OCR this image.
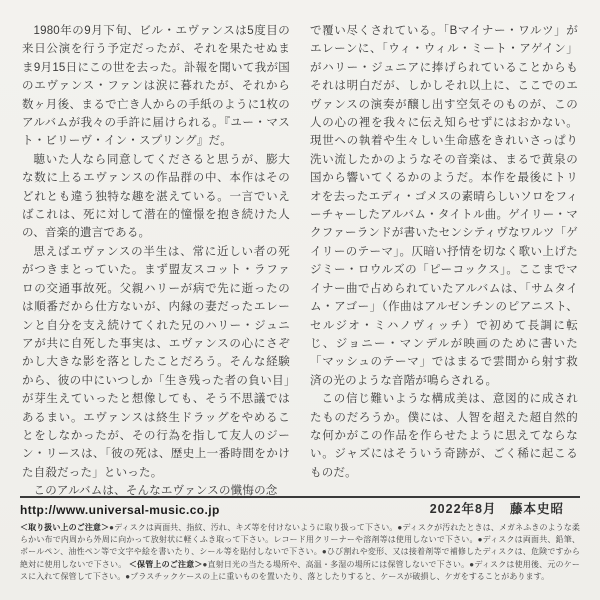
1980年の9月下旬、ビル・エヴァンスは5度目の来日公演を行う予定だったが、それを果たせぬまま9月15日にこの世を去った。訃報を聞いて我が国のエヴァンス・ファンは涙に暮れたが、それから数ヶ月後、まるで亡き人からの手紙のように1枚のアルバムが我々の手許に届けられる。『ユー・マスト・ビリーヴ・イン・スプリング』だ。

聴いた人なら同意してくださると思うが、膨大な数に上るエヴァンスの作品群の中、本作はそのどれとも違う独特な趣を湛えている。一言でいえばこれは、死に対して潜在的憧憬を抱き続けた人の、音楽的遺言である。

思えばエヴァンスの半生は、常に近しい者の死がつきまとっていた。まず盟友スコット・ラファロの交通事故死。父親ハリーが病で先に逝ったのは順番だから仕方ないが、内縁の妻だったエレーンと自分を支え続けてくれた兄のハリー・ジュニアが共に自死した事実は、エヴァンスの心にさぞかし大きな影を落としたことだろう。そんな経験から、彼の中にいつしか「生き残った者の負い目」が芽生えていったと想像しても、そう不思議ではあるまい。エヴァンスは終生ドラッグをやめることをしなかったが、その行為を指して友人のジーン・リースは、「彼の死は、歴史上一番時間をかけた自殺だった」といった。

このアルバムは、そんなエヴァンスの懺悔の念

で覆い尽くされている。「Bマイナー・ワルツ」がエレーンに、「ウィ・ウィル・ミート・アゲイン」がハリー・ジュニアに捧げられていることからもそれは明白だが、しかしそれ以上に、ここでのエヴァンスの演奏が醸し出す空気そのものが、この人の心の裡を我々に伝え知らせずにはおかない。現世への執着や生々しい生命感をきれいさっぱり洗い流したかのようなその音楽は、まるで黄泉の国から響いてくるかのようだ。本作を最後にトリオを去ったエディ・ゴメスの素晴らしいソロをフィーチャーしたアルバム・タイトル曲。ゲイリー・マクファーランドが書いたセンシティヴなワルツ「ゲイリーのテーマ」。仄暗い抒情を切なく歌い上げたジミー・ロウルズの「ピーコックス」。ここまでマイナー曲で占められていたアルバムは、「サムタイム・アゴー」（作曲はアルゼンチンのピアニスト、セルジオ・ミハノヴィッチ）で初めて長調に転じ、ジョニー・マンデルが映画のために書いた「マッシュのテーマ」ではまるで雲間から射す救済の光のような音階が鳴らされる。

この信じ難いような構成美は、意図的に成されたものだろうか。僕には、人智を超えた超自然的な何かがこの作品を作らせたように思えてならない。ジャズにはそういう奇跡が、ごく稀に起こるものだ。

2022年8月　藤本史昭

http://www.universal-music.co.jp

＜取り扱い上のご注意＞●ディスクは両面共、指紋、汚れ、キズ等を付けないように取り扱って下さい。●ディスクが汚れたときは、メガネふきのような柔らかい布で内周から外周に向かって放射状に軽くふき取って下さい。レコード用クリーナーや溶剤等は使用しないで下さい。●ディスクは両面共、鉛筆、ボールペン、油性ペン等で文字や絵を書いたり、シール等を貼付しないで下さい。●ひび割れや変形、又は接着剤等で補修したディスクは、危険ですから絶対に使用しないで下さい。 ＜保管上のご注意＞●直射日光の当たる場所や、高温・多湿の場所には保管しないで下さい。●ディスクは使用後、元のケースに入れて保管して下さい。●プラスチックケースの上に重いものを置いたり、落としたりすると、ケースが破損し、ケガをすることがあります。
